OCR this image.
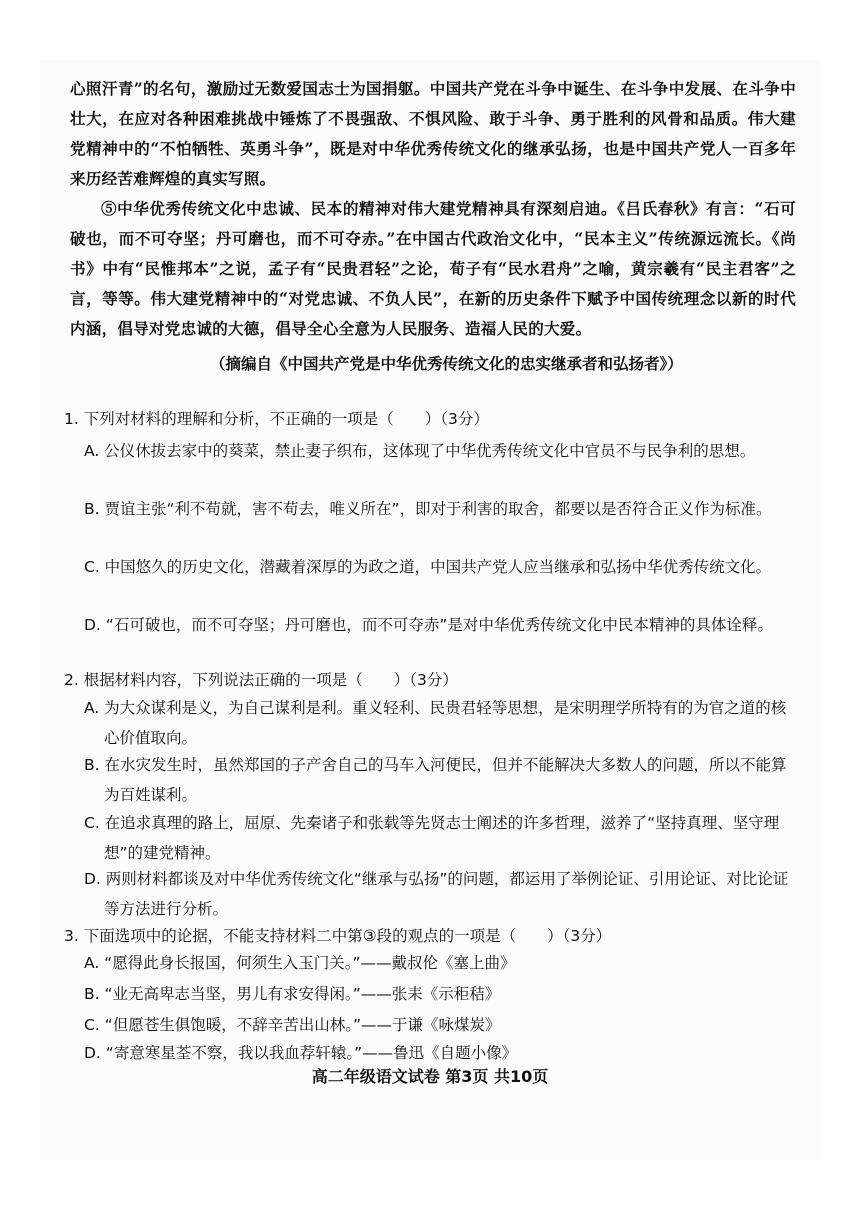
心照汗青”的名句，激励过无数爱国志士为国捐躯。中国共产党在斗争中诞生、在斗争中发展、在斗争中壮大，在应对各种困难挑战中锤炼了不畏强敌、不惧风险、敢于斗争、勇于胜利的风骨和品质。伟大建党精神中的“不怕牺牲、英勇斗争”，既是对中华优秀传统文化的继承弘扬，也是中国共产党人一百多年来历经苦难辉煌的真实写照。

⑤中华优秀传统文化中忠诚、民本的精神对伟大建党精神具有深刻启迪。《吕氏春秋》有言：“石可破也，而不可夺坚；丹可磨也，而不可夺赤。”在中国古代政治文化中，“民本主义”传统源远流长。《尚书》中有“民惟邦本”之说，孟子有“民贵君轻”之论，荀子有“民水君舟”之喻，黄宗羲有“民主君客”之言，等等。伟大建党精神中的“对党忠诚、不负人民”，在新的历史条件下赋予中国传统理念以新的时代内涵，倡导对党忠诚的大德，倡导全心全意为人民服务、造福人民的大爱。

（摘编自《中国共产党是中华优秀传统文化的忠实继承者和弘扬者》）
1. 下列对材料的理解和分析，不正确的一项是（　　）（3分）
A. 公仪休拔去家中的葵菜，禁止妻子织布，这体现了中华优秀传统文化中官员不与民争利的思想。
B. 贾谊主张“利不苟就，害不苟去，唯义所在”，即对于利害的取舍，都要以是否符合正义作为标准。
C. 中国悠久的历史文化，潜藏着深厚的为政之道，中国共产党人应当继承和弘扬中华优秀传统文化。
D. “石可破也，而不可夺坚；丹可磨也，而不可夺赤”是对中华优秀传统文化中民本精神的具体诠释。
2. 根据材料内容，下列说法正确的一项是（　　）（3分）
A. 为大众谋利是义，为自己谋利是利。重义轻利、民贵君轻等思想，是宋明理学所特有的为官之道的核心价值取向。
B. 在水灾发生时，虽然郑国的子产舍自己的马车入河便民，但并不能解决大多数人的问题，所以不能算为百姓谋利。
C. 在追求真理的路上，屈原、先秦诸子和张载等先贤志士阐述的许多哲理，滋养了“坚持真理、坚守理想”的建党精神。
D. 两则材料都谈及对中华优秀传统文化“继承与弘扬”的问题，都运用了举例论证、引用论证、对比论证等方法进行分析。
3. 下面选项中的论据，不能支持材料二中第③段的观点的一项是（　　）（3分）
A. “愿得此身长报国，何须生入玉门关。”——戴叔伦《塞上曲》
B. “业无高卑志当坚，男儿有求安得闲。”——张耒《示秬秸》
C. “但愿苍生俱饱暖，不辞辛苦出山林。”——于谦《咏煤炭》
D. “寄意寒星荃不察，我以我血荐轩辕。”——鲁迅《自题小像》
高二年级语文试卷 第3页 共10页
